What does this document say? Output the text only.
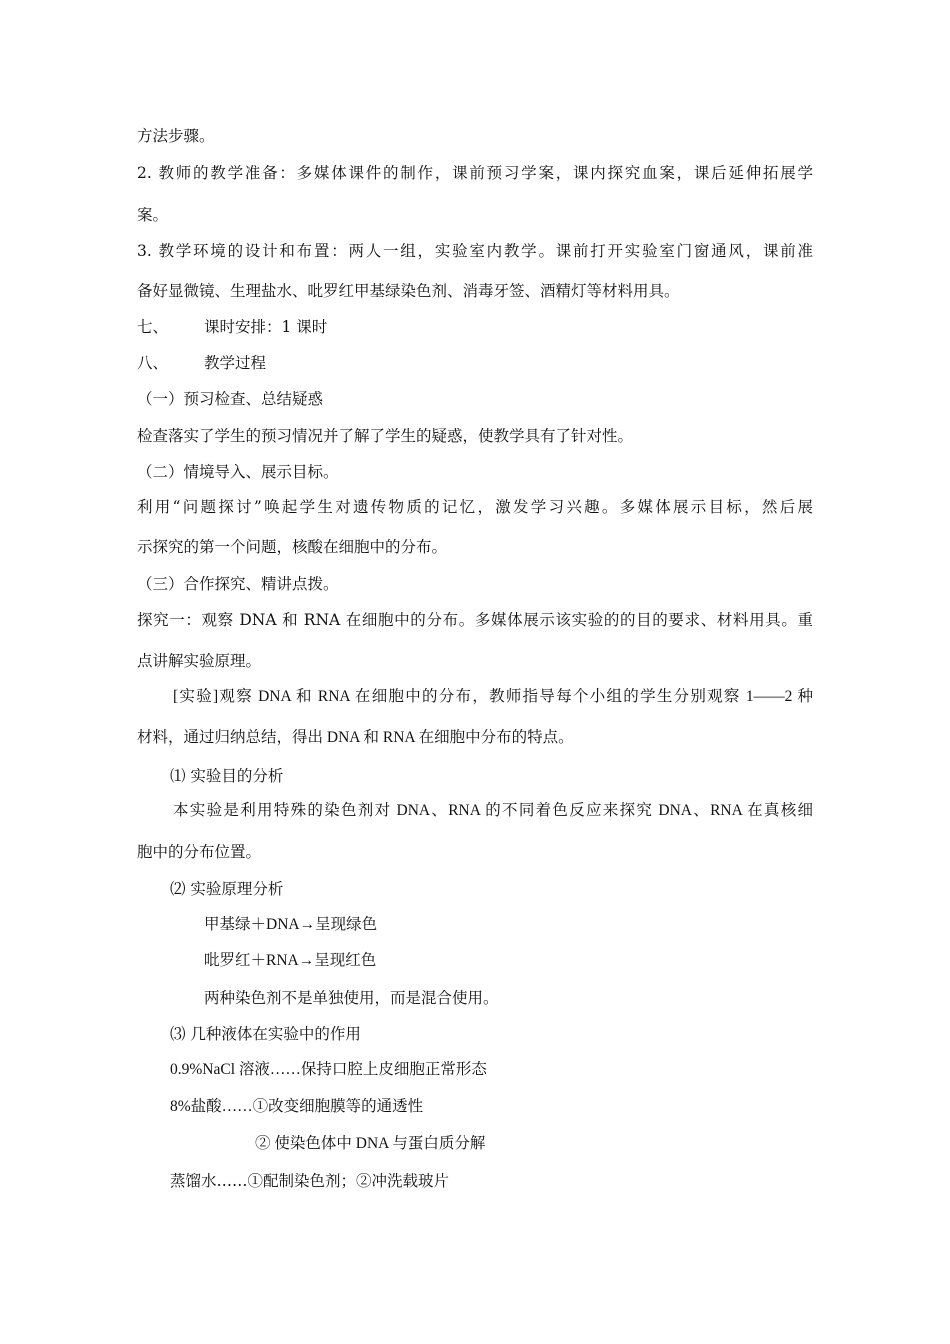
方法步骤。
2. 教师的教学准备：多媒体课件的制作，课前预习学案，课内探究血案，课后延伸拓展学
案。
3. 教学环境的设计和布置：两人一组，实验室内教学。课前打开实验室门窗通风，课前准
备好显微镜、生理盐水、吡罗红甲基绿染色剂、消毒牙签、酒精灯等材料用具。
七、 课时安排：1 课时
八、 教学过程
（一）预习检查、总结疑惑
检查落实了学生的预习情况并了解了学生的疑惑，使教学具有了针对性。
（二）情境导入、展示目标。
利用“问题探讨”唤起学生对遗传物质的记忆，激发学习兴趣。多媒体展示目标，然后展
示探究的第一个问题，核酸在细胞中的分布。
（三）合作探究、精讲点拨。
探究一：观察 DNA 和 RNA 在细胞中的分布。多媒体展示该实验的的目的要求、材料用具。重
点讲解实验原理。
[实验]观察 DNA 和 RNA 在细胞中的分布，教师指导每个小组的学生分别观察 1——2 种
材料，通过归纳总结，得出 DNA 和 RNA 在细胞中分布的特点。
⑴ 实验目的分析
本实验是利用特殊的染色剂对 DNA、RNA 的不同着色反应来探究 DNA、RNA 在真核细
胞中的分布位置。
⑵ 实验原理分析
甲基绿＋DNA→呈现绿色
吡罗红＋RNA→呈现红色
两种染色剂不是单独使用，而是混合使用。
⑶ 几种液体在实验中的作用
0.9%NaCl 溶液……保持口腔上皮细胞正常形态
8%盐酸……①改变细胞膜等的通透性
② 使染色体中 DNA 与蛋白质分解
蒸馏水……①配制染色剂；②冲洗载玻片
